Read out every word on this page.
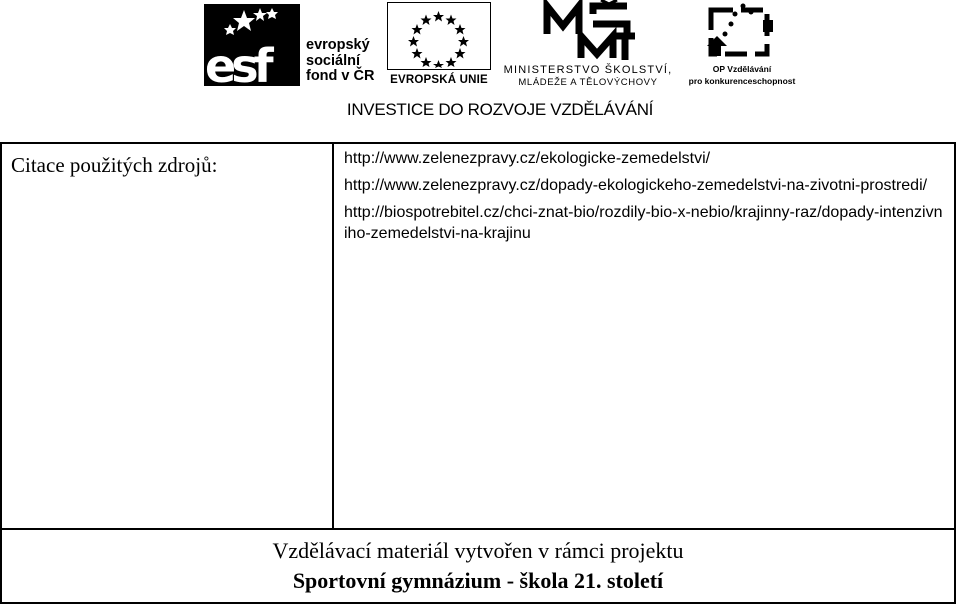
esf	evropský
sociální
fond v ČR EVROPSKÁ UNIE
MINISTERSTVO ŠKOLSTVÍ,
MLÁDEŽE A TĚLOVÝCHOVY
OP Vzdělávání
pro konkurenceschopnost
INVESTICE DO ROZVOJE VZDĚLÁVÁNÍ
Citace použitých zdrojů:	http://www.zelenezpravy.cz/ekologicke-zemedelstvi/

http://www.zelenezpravy.cz/dopady-ekologickeho-zemedelstvi-na-zivotni-prostredi/

http://biospotrebitel.cz/chci-znat-bio/rozdily-bio-x-nebio/krajinny-raz/dopady-intenzivniho-zemedelstvi-na-krajinu

Vzdělávací materiál vytvořen v rámci projektu
Sportovní gymnázium - škola 21. století
